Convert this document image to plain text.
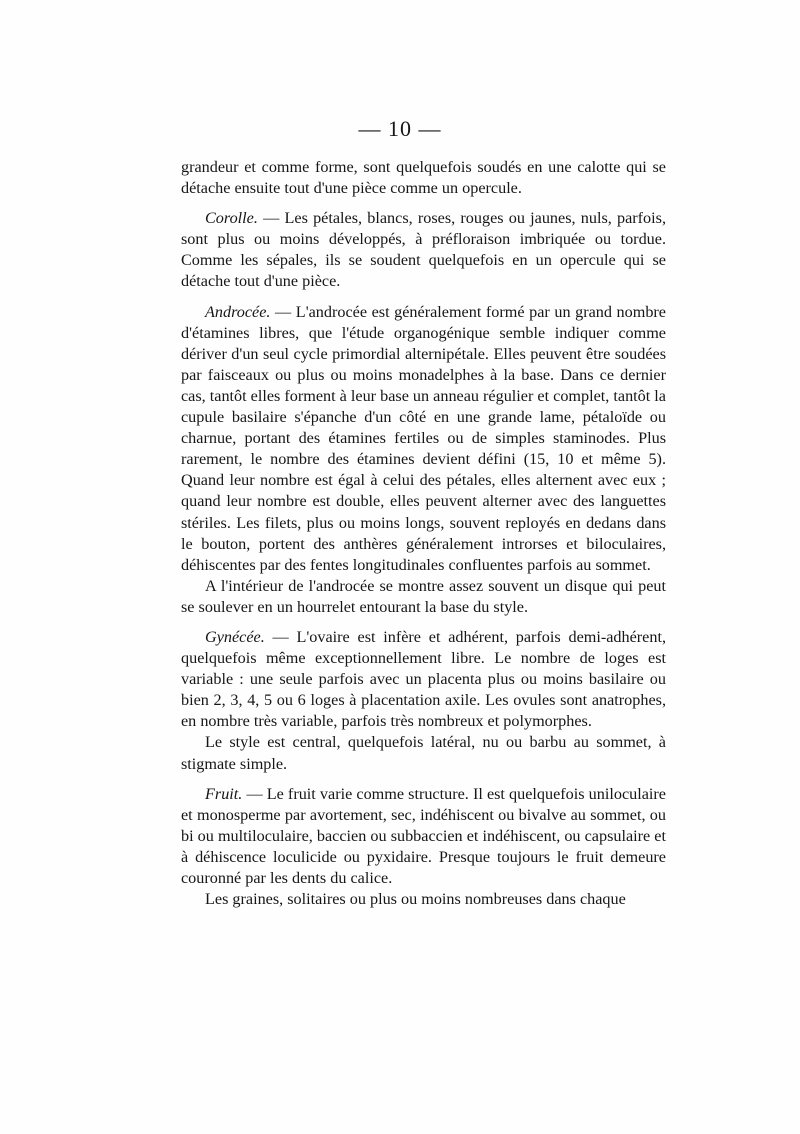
— 10 —

grandeur et comme forme, sont quelquefois soudés en une calotte qui se détache ensuite tout d'une pièce comme un opercule.

Corolle. — Les pétales, blancs, roses, rouges ou jaunes, nuls, parfois, sont plus ou moins développés, à préfloraison imbriquée ou tordue. Comme les sépales, ils se soudent quelquefois en un opercule qui se détache tout d'une pièce.

Androcée. — L'androcée est généralement formé par un grand nombre d'étamines libres, que l'étude organogénique semble indiquer comme dériver d'un seul cycle primordial alternipétale. Elles peuvent être soudées par faisceaux ou plus ou moins monadelphes à la base. Dans ce dernier cas, tantôt elles forment à leur base un anneau régulier et complet, tantôt la cupule basilaire s'épanche d'un côté en une grande lame, pétaloïde ou charnue, portant des étamines fertiles ou de simples staminodes. Plus rarement, le nombre des étamines devient défini (15, 10 et même 5). Quand leur nombre est égal à celui des pétales, elles alternent avec eux ; quand leur nombre est double, elles peuvent alterner avec des languettes stériles. Les filets, plus ou moins longs, souvent reployés en dedans dans le bouton, portent des anthères généralement introrses et biloculaires, déhiscentes par des fentes longitudinales confluentes parfois au sommet.

A l'intérieur de l'androcée se montre assez souvent un disque qui peut se soulever en un hourrelet entourant la base du style.

Gynécée. — L'ovaire est infère et adhérent, parfois demi-adhérent, quelquefois même exceptionnellement libre. Le nombre de loges est variable : une seule parfois avec un placenta plus ou moins basilaire ou bien 2, 3, 4, 5 ou 6 loges à placentation axile. Les ovules sont anatrophes, en nombre très variable, parfois très nombreux et polymorphes.

Le style est central, quelquefois latéral, nu ou barbu au sommet, à stigmate simple.

Fruit. — Le fruit varie comme structure. Il est quelquefois uniloculaire et monosperme par avortement, sec, indéhiscent ou bivalve au sommet, ou bi ou multiloculaire, baccien ou subbaccien et indéhiscent, ou capsulaire et à déhiscence loculicide ou pyxidaire. Presque toujours le fruit demeure couronné par les dents du calice.

Les graines, solitaires ou plus ou moins nombreuses dans chaque
